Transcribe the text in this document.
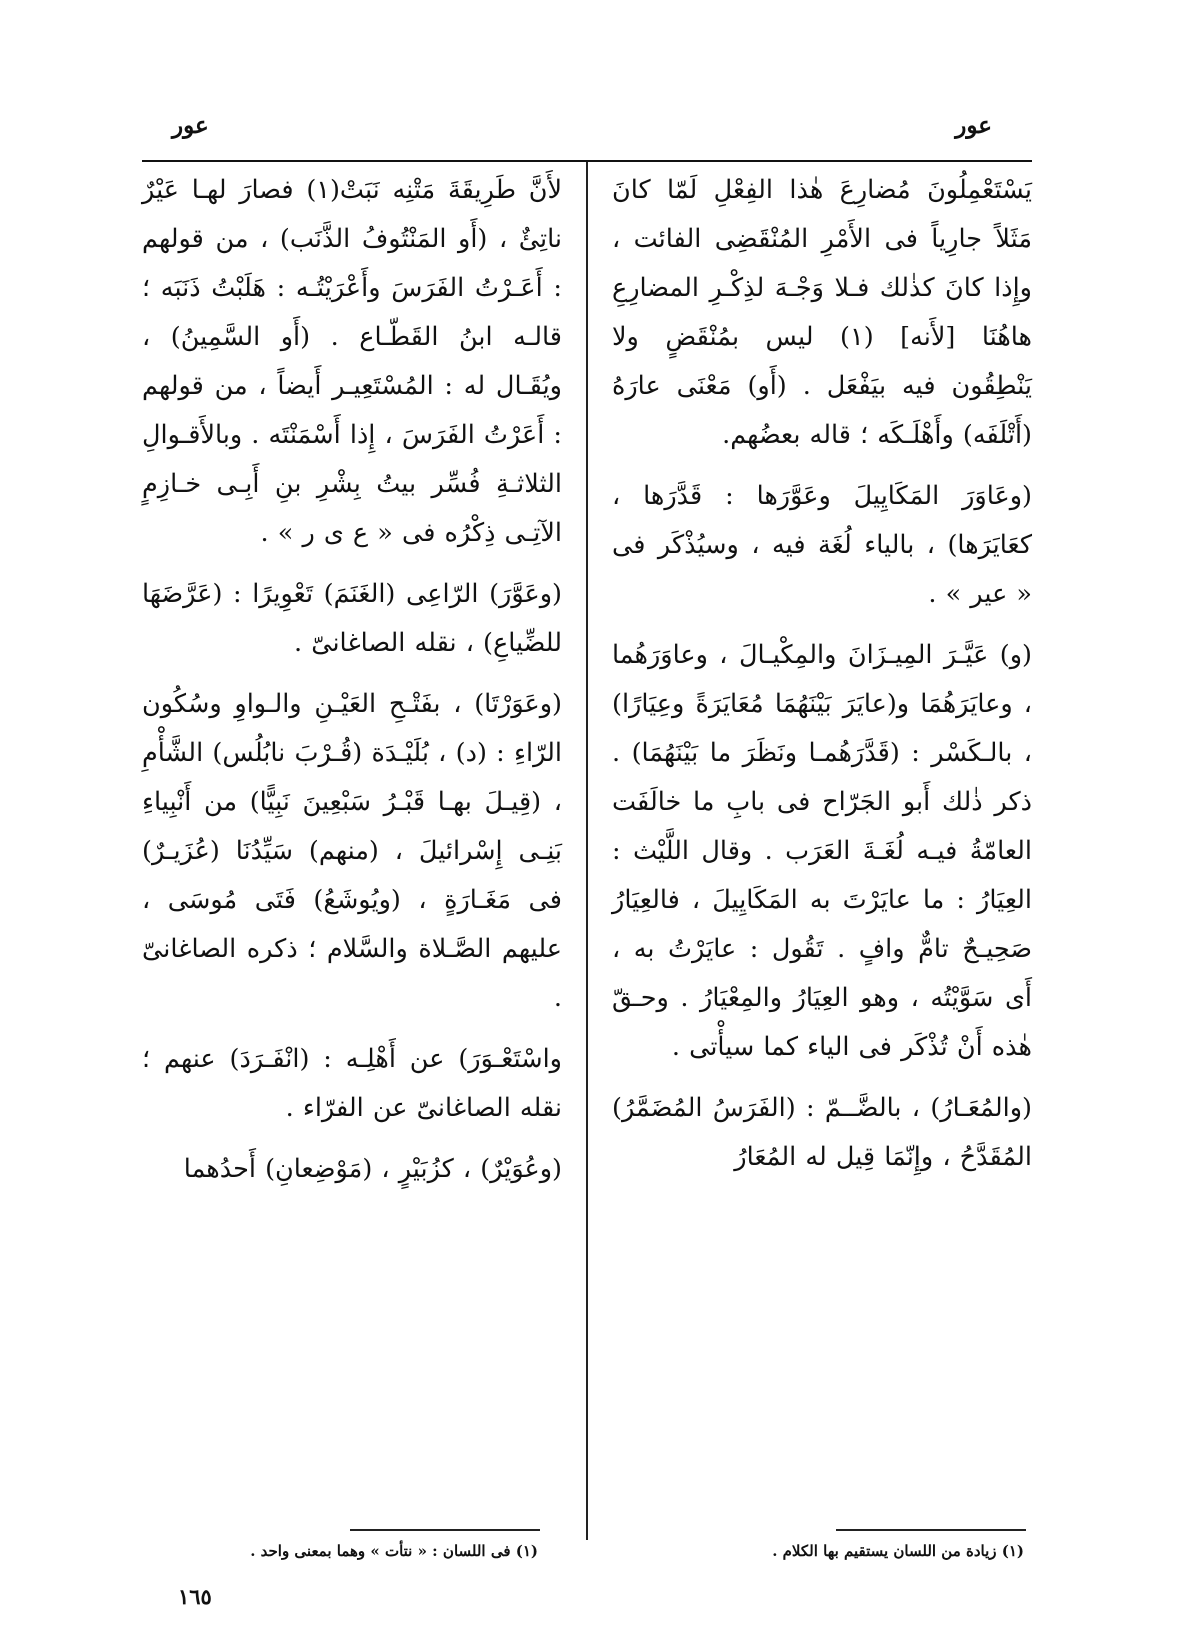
عور
عور

يَسْتَعْمِلُونَ مُضارِعَ هٰذا الفِعْلِ لَمّا كانَ مَثَلاً جارِياً فى الأَمْرِ المُنْقَضِى الفائت ، وإِذا كانَ كذٰلك فـلا وَجْـهَ لذِكْـرِ المضارِعِ هاهُنَا [لأَنه] (١) ليس بمُنْقَضٍ ولا يَنْطِقُون فيه بيَفْعَل . (أَو) مَعْنَى عارَهُ (أَتْلَفَه) وأَهْلَـكَه ؛ قاله بعضُهم.

(وعَاوَرَ المَكَايِيلَ وعَوَّرَها : قَدَّرَها ، كعَايَرَها) ، بالياء لُغَة فيه ، وسيُذْكَر فى « عير » .

(و) عَيَّـرَ المِيـزَانَ والمِكْيـالَ ، وعاوَرَهُما ، وعايَرَهُمَا و(عايَرَ بَيْنَهُمَا مُعَايَرَةً وعِيَارًا) ، بالـكَسْر : (قَدَّرَهُمـا ونَظَرَ ما بَيْنَهُمَا) . ذكر ذٰلك أَبو الجَرّاح فى بابِ ما خالَفَت العامّةُ فيـه لُغَـةَ العَرَب . وقال اللَّيْث : العِيَارُ : ما عايَرْتَ به المَكَايِيلَ ، فالعِيَارُ صَحِيـحٌ تامٌّ وافٍ . تَقُول : عايَرْتُ به ، أَى سَوَّيْتُه ، وهو العِيَارُ والمِعْيَارُ . وحـقّ هٰذه أَنْ تُذْكَر فى الياء كما سيأْتى .

(والمُعَـارُ) ، بالضَّــمّ : (الفَرَسُ المُضَمَّرُ) المُقَدَّحُ ، وإِنّمَا قِيل له المُعَارُ

لأَنَّ طَرِيقَةَ مَتْنِه نَبَتْ(١) فصارَ لهـا عَيْرٌ ناتِئٌ ، (أَو المَنْتُوفُ الذَّنَب) ، من قولهم : أَعَـرْتُ الفَرَسَ وأَعْرَيْتُـه : هَلَبْتُ ذَنَبَه ؛ قالـه ابنُ القَطّـاع . (أَو السَّمِينُ) ، ويُقَـال له : المُسْتَعِيـر أَيضاً ، من قولهم : أَعَرْتُ الفَرَسَ ، إِذا أَسْمَنْتَه . وبالأَقـوالِ الثلاثـةِ فُسِّر بيتُ بِشْرِ بنِ أَبِـى خـازِمٍ الآتِـى ذِكْرُه فى « ع ى ر » .

(وعَوَّرَ) الرّاعِى (الغَنَمَ) تَعْوِيرًا : (عَرَّضَهَا للضِّياعِ) ، نقله الصاغانىّ .

(وعَوَرْتَا) ، بفَتْـحِ العَيْـنِ والـواوِ وسُكُون الرّاءِ : (د) ، بُلَيْـدَة (قُـرْبَ نابُلُس) الشَّأْمِ ، (قِيـلَ بهـا قَبْـرُ سَبْعِينَ نَبِيًّا) من أَنْبِياءِ بَنِـى إِسْرائيلَ ، (منهم) سَيِّدُنَا (عُزَيـرٌ) فى مَغَـارَةٍ ، (ويُوشَعُ) فَتَى مُوسَى ، عليهم الصَّـلاة والسَّلام ؛ ذكره الصاغانىّ .

واسْتَعْـوَرَ) عن أَهْلِـه : (انْفَـرَدَ) عنهم ؛ نقله الصاغانىّ عن الفرّاء .

(وعُوَيْرٌ) ، كزُبَيْرٍ ، (مَوْضِعانِ) أَحدُهما

(١) زيادة من اللسان يستقيم بها الكلام .
(١) فى اللسان : « نتأت » وهما بمعنى واحد .
١٦٥
